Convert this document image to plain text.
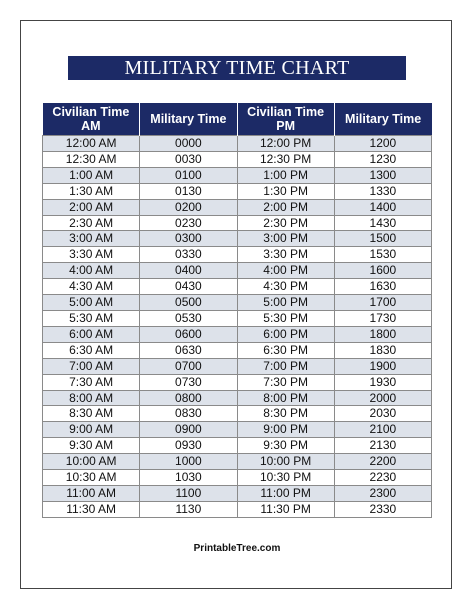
MILITARY TIME CHART
Civilian Time AM	Military Time	Civilian Time PM	Military Time
12:00 AM	0000	12:00 PM	1200
12:30 AM	0030	12:30 PM	1230
1:00 AM	0100	1:00 PM	1300
1:30 AM	0130	1:30 PM	1330
2:00 AM	0200	2:00 PM	1400
2:30 AM	0230	2:30 PM	1430
3:00 AM	0300	3:00 PM	1500
3:30 AM	0330	3:30 PM	1530
4:00 AM	0400	4:00 PM	1600
4:30 AM	0430	4:30 PM	1630
5:00 AM	0500	5:00 PM	1700
5:30 AM	0530	5:30 PM	1730
6:00 AM	0600	6:00 PM	1800
6:30 AM	0630	6:30 PM	1830
7:00 AM	0700	7:00 PM	1900
7:30 AM	0730	7:30 PM	1930
8:00 AM	0800	8:00 PM	2000
8:30 AM	0830	8:30 PM	2030
9:00 AM	0900	9:00 PM	2100
9:30 AM	0930	9:30 PM	2130
10:00 AM	1000	10:00 PM	2200
10:30 AM	1030	10:30 PM	2230
11:00 AM	1100	11:00 PM	2300
11:30 AM	1130	11:30 PM	2330
PrintableTree.com
